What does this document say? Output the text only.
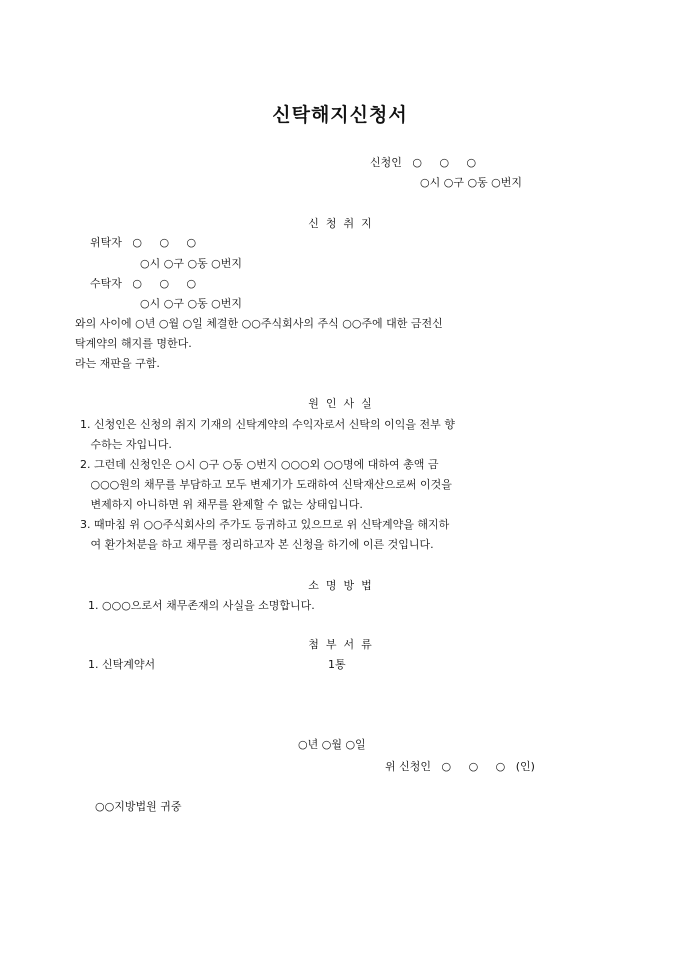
신탁해지신청서
신청인   ○     ○     ○
○시 ○구 ○동 ○번지
신  청  취  지
위탁자   ○     ○     ○
○시 ○구 ○동 ○번지
수탁자   ○     ○     ○
○시 ○구 ○동 ○번지
와의 사이에 ○년 ○월 ○일 체결한 ○○주식회사의 주식 ○○주에 대한 금전신
탁계약의 해지를 명한다.
라는 재판을 구함.
원  인  사  실
1. 신청인은 신청의 취지 기재의 신탁계약의 수익자로서 신탁의 이익을 전부 향
수하는 자입니다.
2. 그런데 신청인은 ○시 ○구 ○동 ○번지 ○○○외 ○○명에 대하여 총액 금
○○○원의 채무를 부담하고 모두 변제기가 도래하여 신탁재산으로써 이것을
변제하지 아니하면 위 채무를 완제할 수 없는 상태입니다.
3. 때마침 위 ○○주식회사의 주가도 등귀하고 있으므로 위 신탁계약을 해지하
여 환가처분을 하고 채무를 정리하고자 본 신청을 하기에 이른 것입니다.
소  명  방  법
1. ○○○으로서 채무존재의 사실을 소명합니다.
첨  부  서  류
1. 신탁계약서	1통
○년 ○월 ○일
위 신청인   ○     ○     ○   (인)
○○지방법원 귀중
